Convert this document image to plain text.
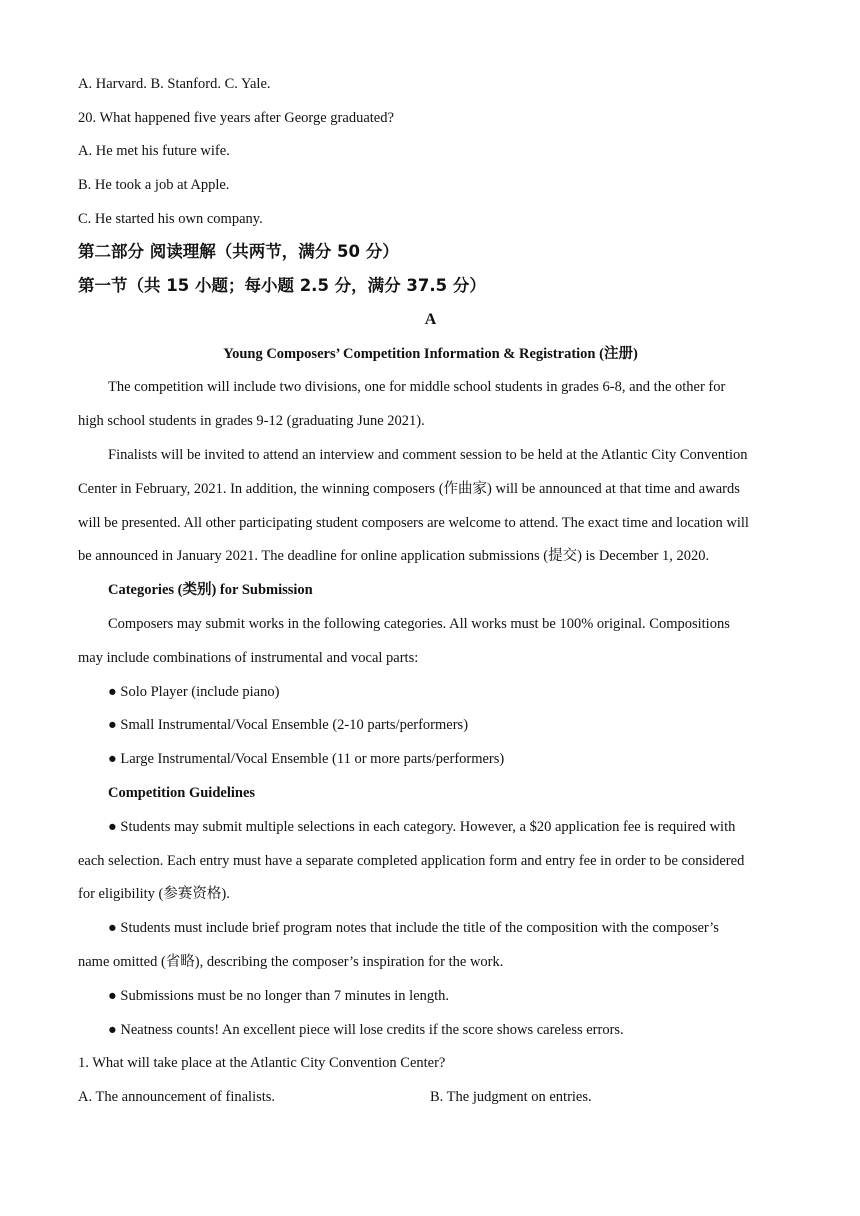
A. Harvard. B. Stanford. C. Yale.
20. What happened five years after George graduated?
A. He met his future wife.
B. He took a job at Apple.
C. He started his own company.
第二部分 阅读理解（共两节，满分 50 分）
第一节（共 15 小题；每小题 2.5 分，满分 37.5 分）
A
Young Composers’ Competition Information & Registration (注册)
The competition will include two divisions, one for middle school students in grades 6-8, and the other for
high school students in grades 9-12 (graduating June 2021).
Finalists will be invited to attend an interview and comment session to be held at the Atlantic City Convention
Center in February, 2021. In addition, the winning composers (作曲家) will be announced at that time and awards
will be presented. All other participating student composers are welcome to attend. The exact time and location will
be announced in January 2021. The deadline for online application submissions (提交) is December 1, 2020.
Categories (类别) for Submission
Composers may submit works in the following categories. All works must be 100% original. Compositions
may include combinations of instrumental and vocal parts:
● Solo Player (include piano)
● Small Instrumental/Vocal Ensemble (2-10 parts/performers)
● Large Instrumental/Vocal Ensemble (11 or more parts/performers)
Competition Guidelines
● Students may submit multiple selections in each category. However, a $20 application fee is required with
each selection. Each entry must have a separate completed application form and entry fee in order to be considered
for eligibility (参赛资格).
● Students must include brief program notes that include the title of the composition with the composer’s
name omitted (省略), describing the composer’s inspiration for the work.
● Submissions must be no longer than 7 minutes in length.
● Neatness counts! An excellent piece will lose credits if the score shows careless errors.
1. What will take place at the Atlantic City Convention Center?
A. The announcement of finalists.	B. The judgment on entries.
